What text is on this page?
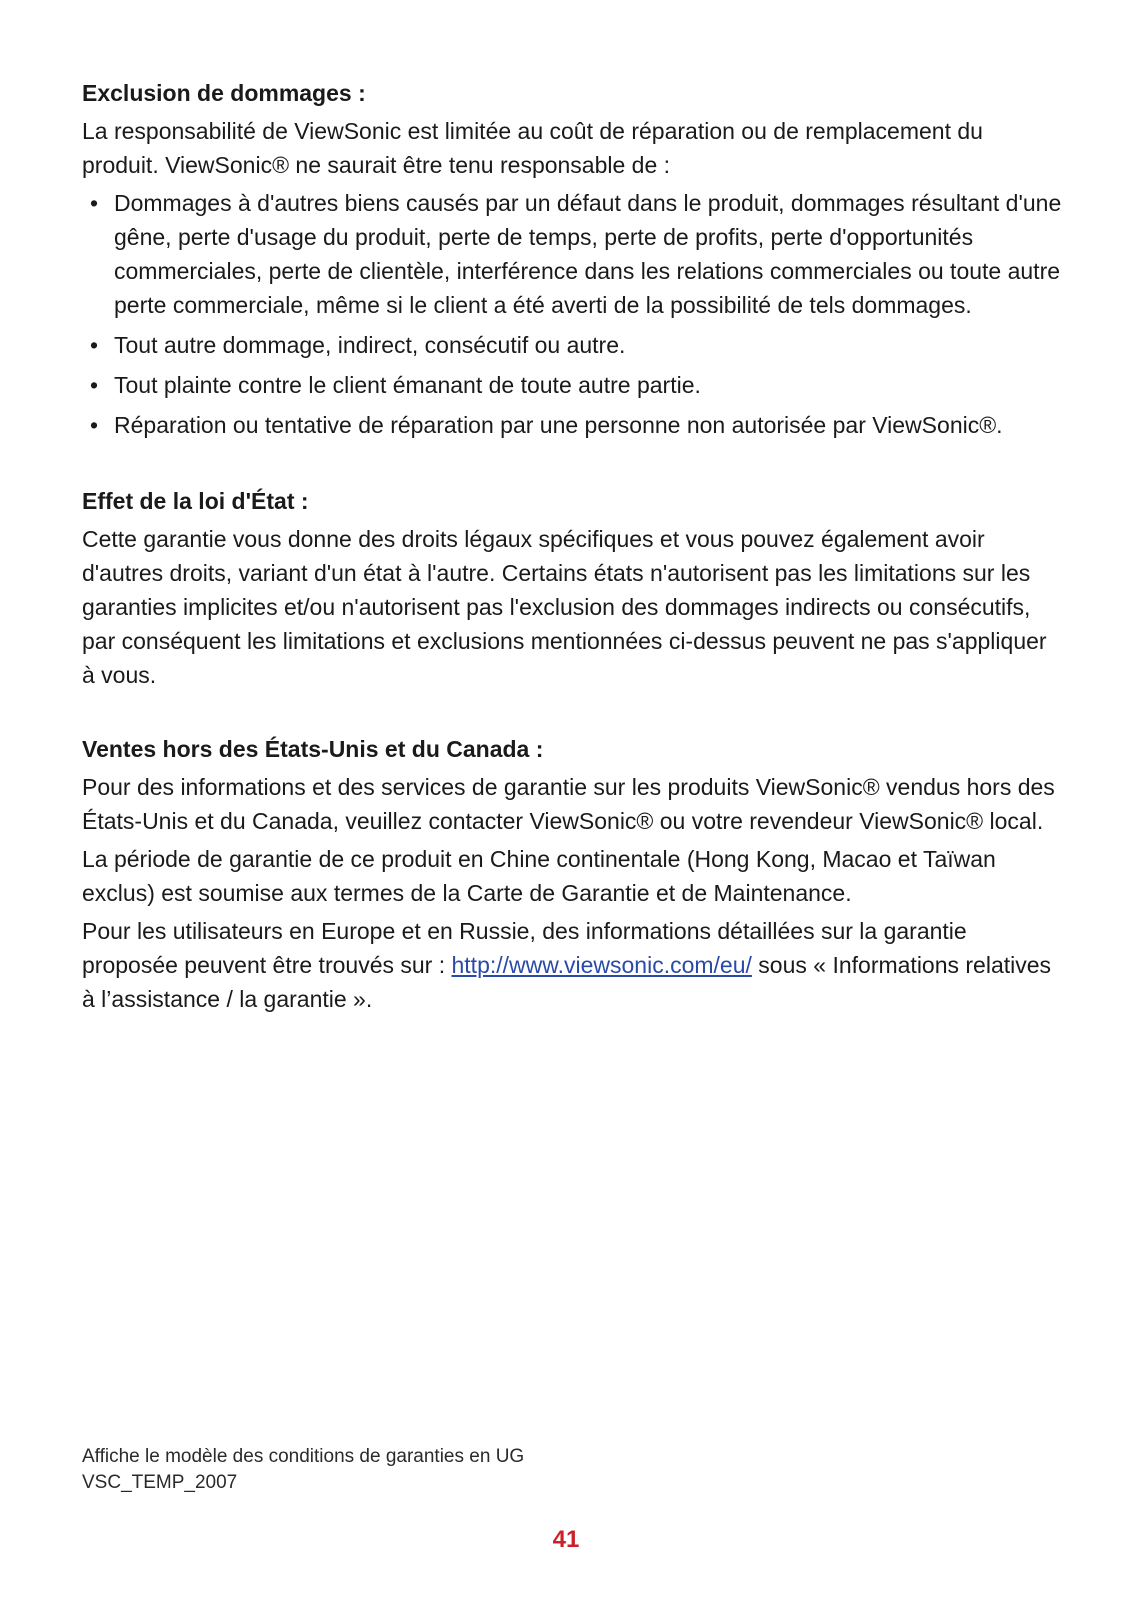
Exclusion de dommages :
La responsabilité de ViewSonic est limitée au coût de réparation ou de remplacement du produit. ViewSonic® ne saurait être tenu responsable de :
• Dommages à d'autres biens causés par un défaut dans le produit, dommages résultant d'une gêne, perte d'usage du produit, perte de temps, perte de profits, perte d'opportunités commerciales, perte de clientèle, interférence dans les relations commerciales ou toute autre perte commerciale, même si le client a été averti de la possibilité de tels dommages.
• Tout autre dommage, indirect, consécutif ou autre.
• Tout plainte contre le client émanant de toute autre partie.
• Réparation ou tentative de réparation par une personne non autorisée par ViewSonic®.
Effet de la loi d'État :
Cette garantie vous donne des droits légaux spécifiques et vous pouvez également avoir d'autres droits, variant d'un état à l'autre. Certains états n'autorisent pas les limitations sur les garanties implicites et/ou n'autorisent pas l'exclusion des dommages indirects ou consécutifs, par conséquent les limitations et exclusions mentionnées ci-dessus peuvent ne pas s'appliquer à vous.
Ventes hors des États-Unis et du Canada :
Pour des informations et des services de garantie sur les produits ViewSonic® vendus hors des États-Unis et du Canada, veuillez contacter ViewSonic® ou votre revendeur ViewSonic® local.
La période de garantie de ce produit en Chine continentale (Hong Kong, Macao et Taïwan exclus) est soumise aux termes de la Carte de Garantie et de Maintenance.
Pour les utilisateurs en Europe et en Russie, des informations détaillées sur la garantie proposée peuvent être trouvés sur : http://www.viewsonic.com/eu/ sous « Informations relatives à l’assistance / la garantie ».
Affiche le modèle des conditions de garanties en UG
VSC_TEMP_2007
41
